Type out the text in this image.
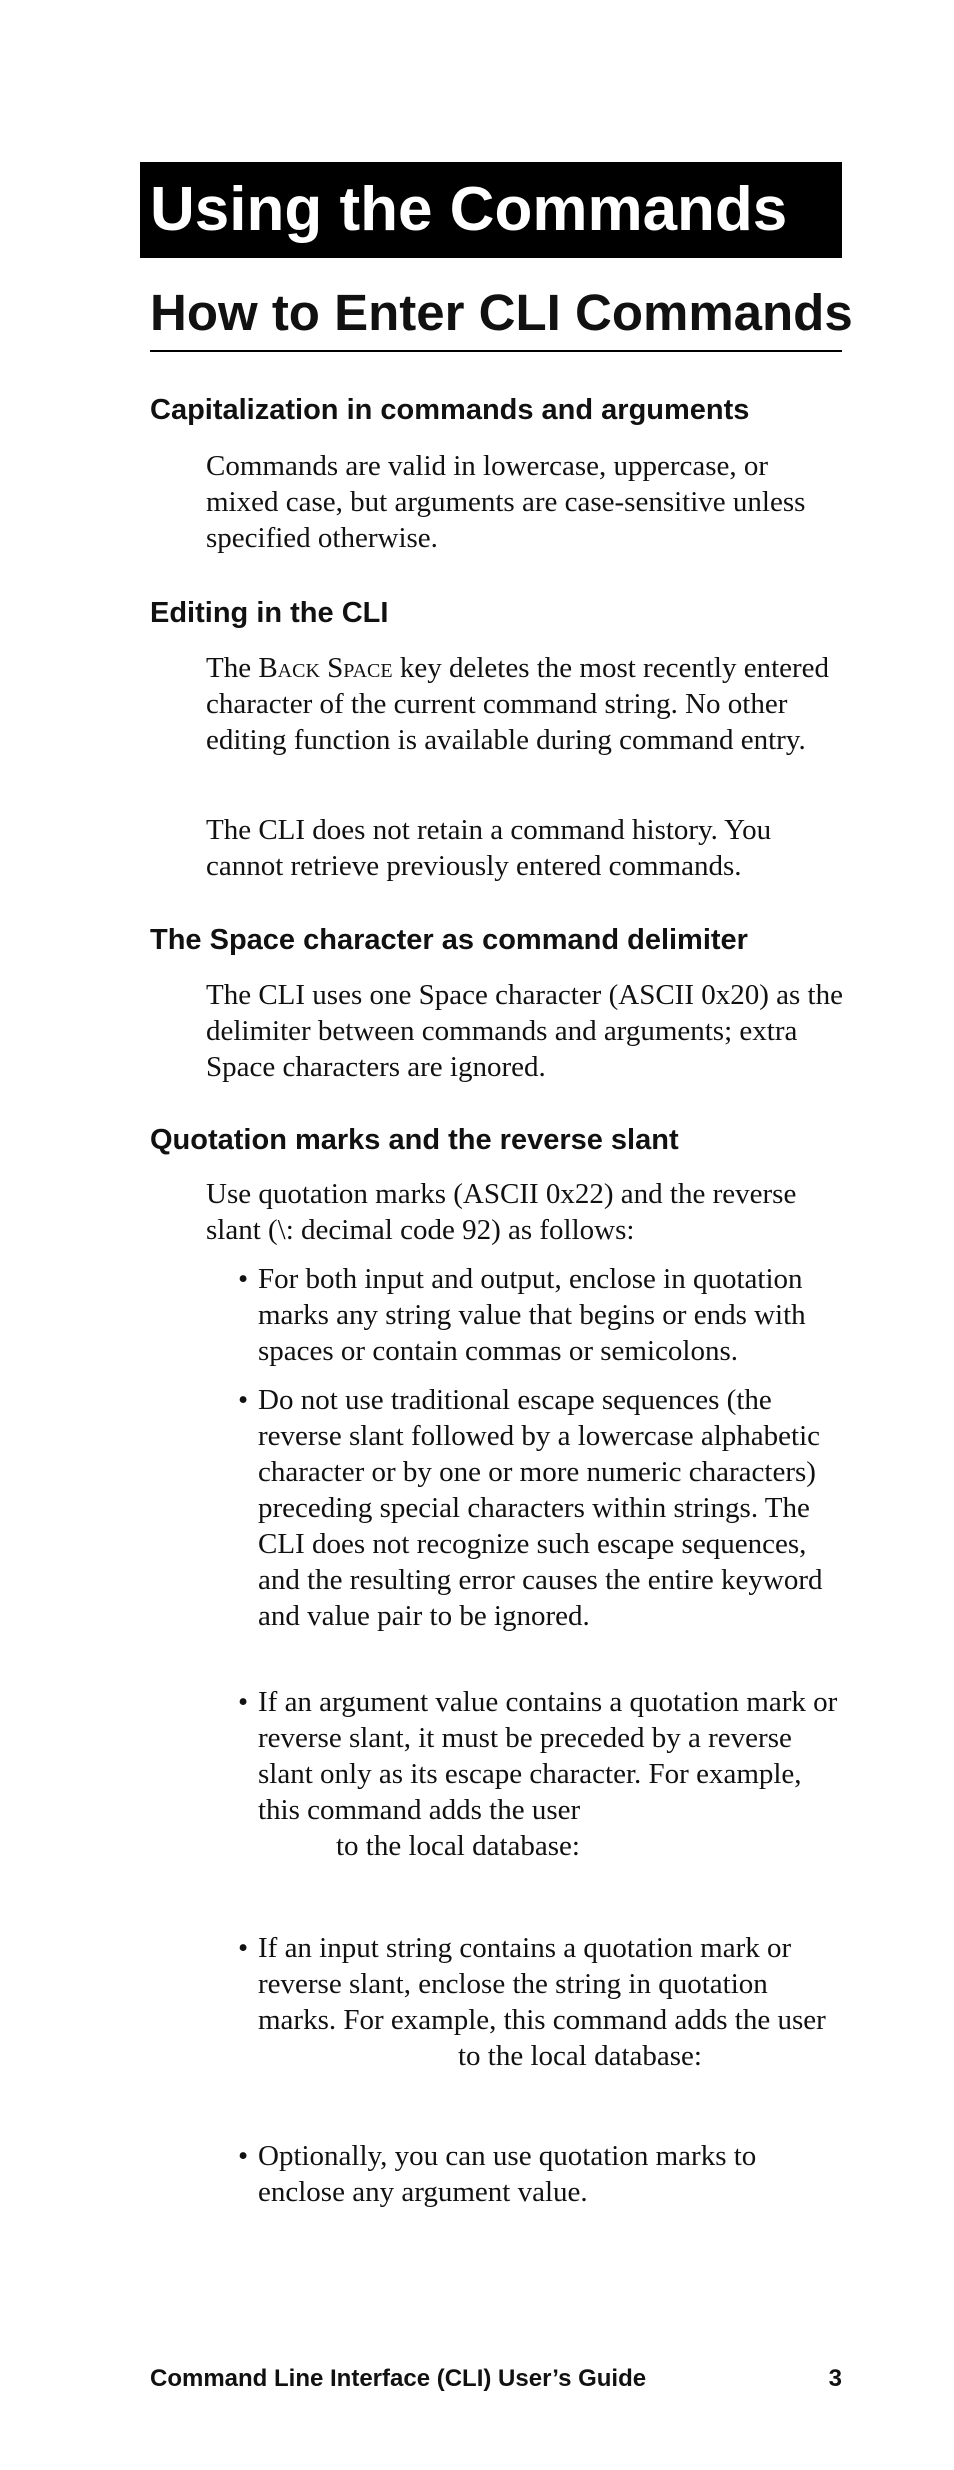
Using the Commands
How to Enter CLI Commands
Capitalization in commands and arguments

Commands are valid in lowercase, uppercase, or mixed case, but arguments are case-sensitive unless specified otherwise.

Editing in the CLI

The Back Space key deletes the most recently entered character of the current command string. No other editing function is available during command entry.

The CLI does not retain a command history. You cannot retrieve previously entered commands.

The Space character as command delimiter

The CLI uses one Space character (ASCII 0x20) as the delimiter between commands and arguments; extra Space characters are ignored.

Quotation marks and the reverse slant

Use quotation marks (ASCII 0x22) and the reverse slant (\: decimal code 92) as follows:

• For both input and output, enclose in quotation marks any string value that begins or ends with spaces or contain commas or semicolons.
• Do not use traditional escape sequences (the reverse slant followed by a lowercase alphabetic character or by one or more numeric characters) preceding special characters within strings. The CLI does not recognize such escape sequences, and the resulting error causes the entire keyword and value pair to be ignored.
• If an argument value contains a quotation mark or reverse slant, it must be preceded by a reverse slant only as its escape character. For example, this command adds the user
to the local database:
• If an input string contains a quotation mark or reverse slant, enclose the string in quotation marks. For example, this command adds the userto the local database:
• Optionally, you can use quotation marks to enclose any argument value.
Command Line Interface (CLI) User’s Guide	3
